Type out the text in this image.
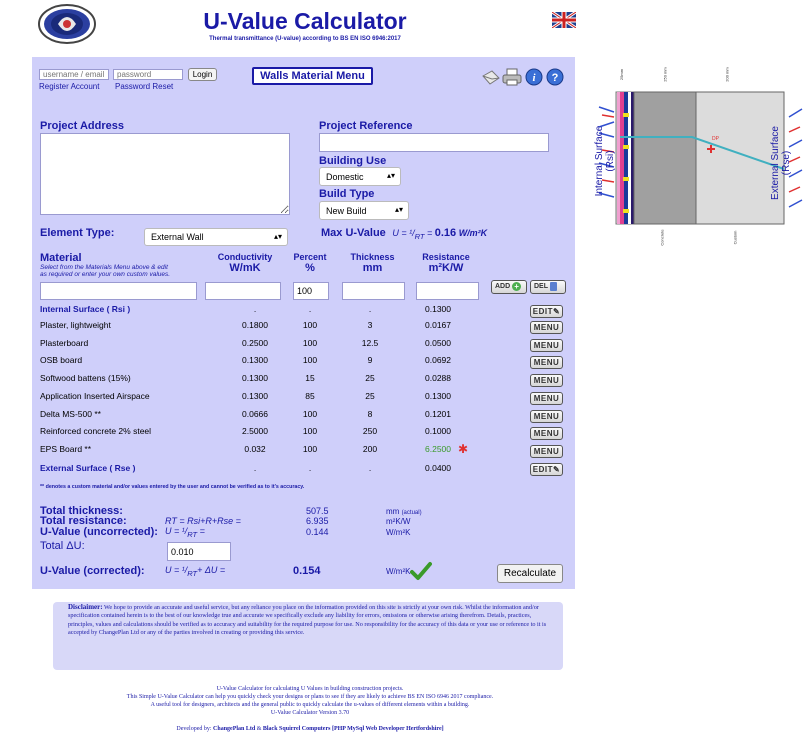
U-Value Calculator
Thermal transmittance (U-value) according to BS EN ISO 6946:2017
username / email
password
Login
Register Account Password Reset
Walls Material Menu	i ?
Project Address	Project Reference
Building Use
Domestic	▴▾
Build Type
New Build	▴▾
Element Type:	External Wall	▴▾	Max U-Value $U = ^1/_{RT} = 0.16$ W/m²K
Material
Select from the Materials Menu above & edit
as required or enter your own custom values.
Conductivity
W/mK
Percent
%
Thickness
mm
Resistance
m²K/W
100
ADD +	DEL
Internal Surface ( Rsi )	.	.	.	0.1300	EDIT✎
Plaster, lightweight	0.1800	100	3	0.0167	MENU
Plasterboard	0.2500	100	12.5	0.0500	MENU
OSB board	0.1300	100	9	0.0692	MENU
Softwood battens (15%)	0.1300	15	25	0.0288	MENU
Application Inserted Airspace	0.1300	85	25	0.1300	MENU
Delta MS-500 **	0.0666	100	8	0.1201	MENU
Reinforced concrete 2% steel	2.5000	100	250	0.1000	MENU
EPS Board **	0.032	100	200	6.2500 ✱	MENU
External Surface ( Rse )	.	.	.	0.0400	EDIT✎
** denotes a custom material and/or values entered by the user and cannot be verified as to it's accuracy.
Total thickness:	507.5	mm (actual)
Total resistance:	RT = Rsi+R+Rse =	6.935	m²K/W
U-Value (uncorrected): $U = ^1/_{RT}$ =	0.144	W/m²K
Total ΔU:
0.010
U-Value (corrected): $U = ^1/_{RT}+ \Delta U$ =	0.154	W/m²K	Recalculate
Internal Surface (Rsi)	External Surface (Rse)
DP
25mm	250 mm	200 mm
Concrete	Custom
Disclaimer: We hope to provide an accurate and useful service, but any reliance you place on the information provided on this site is strictly at your own risk. Whilst the information and/or specification contained herein is to the best of our knowledge true and accurate we specifically exclude any liability for errors, omissions or otherwise arising therefrom. Details, practices, principles, values and calculations should be verified as to accuracy and suitability for the required purpose for use. No responsibility for the accuracy of this data or your use or reference to it is accepted by ChangePlan Ltd or any of the parties involved in creating or providing this service.
U-Value Calculator for calculating U Values in building construction projects.
This Simple U-Value Calculator can help you quickly check your designs or plans to see if they are likely to achieve BS EN ISO 6946 2017 compliance.
A useful tool for designers, architects and the general public to quickly calculate the u-values of different elements within a building.
U-Value Calculator Version 3.70
Developed by: ChangePlan Ltd & Black Squirrel Computers [PHP MySql Web Developer Hertfordshire]
